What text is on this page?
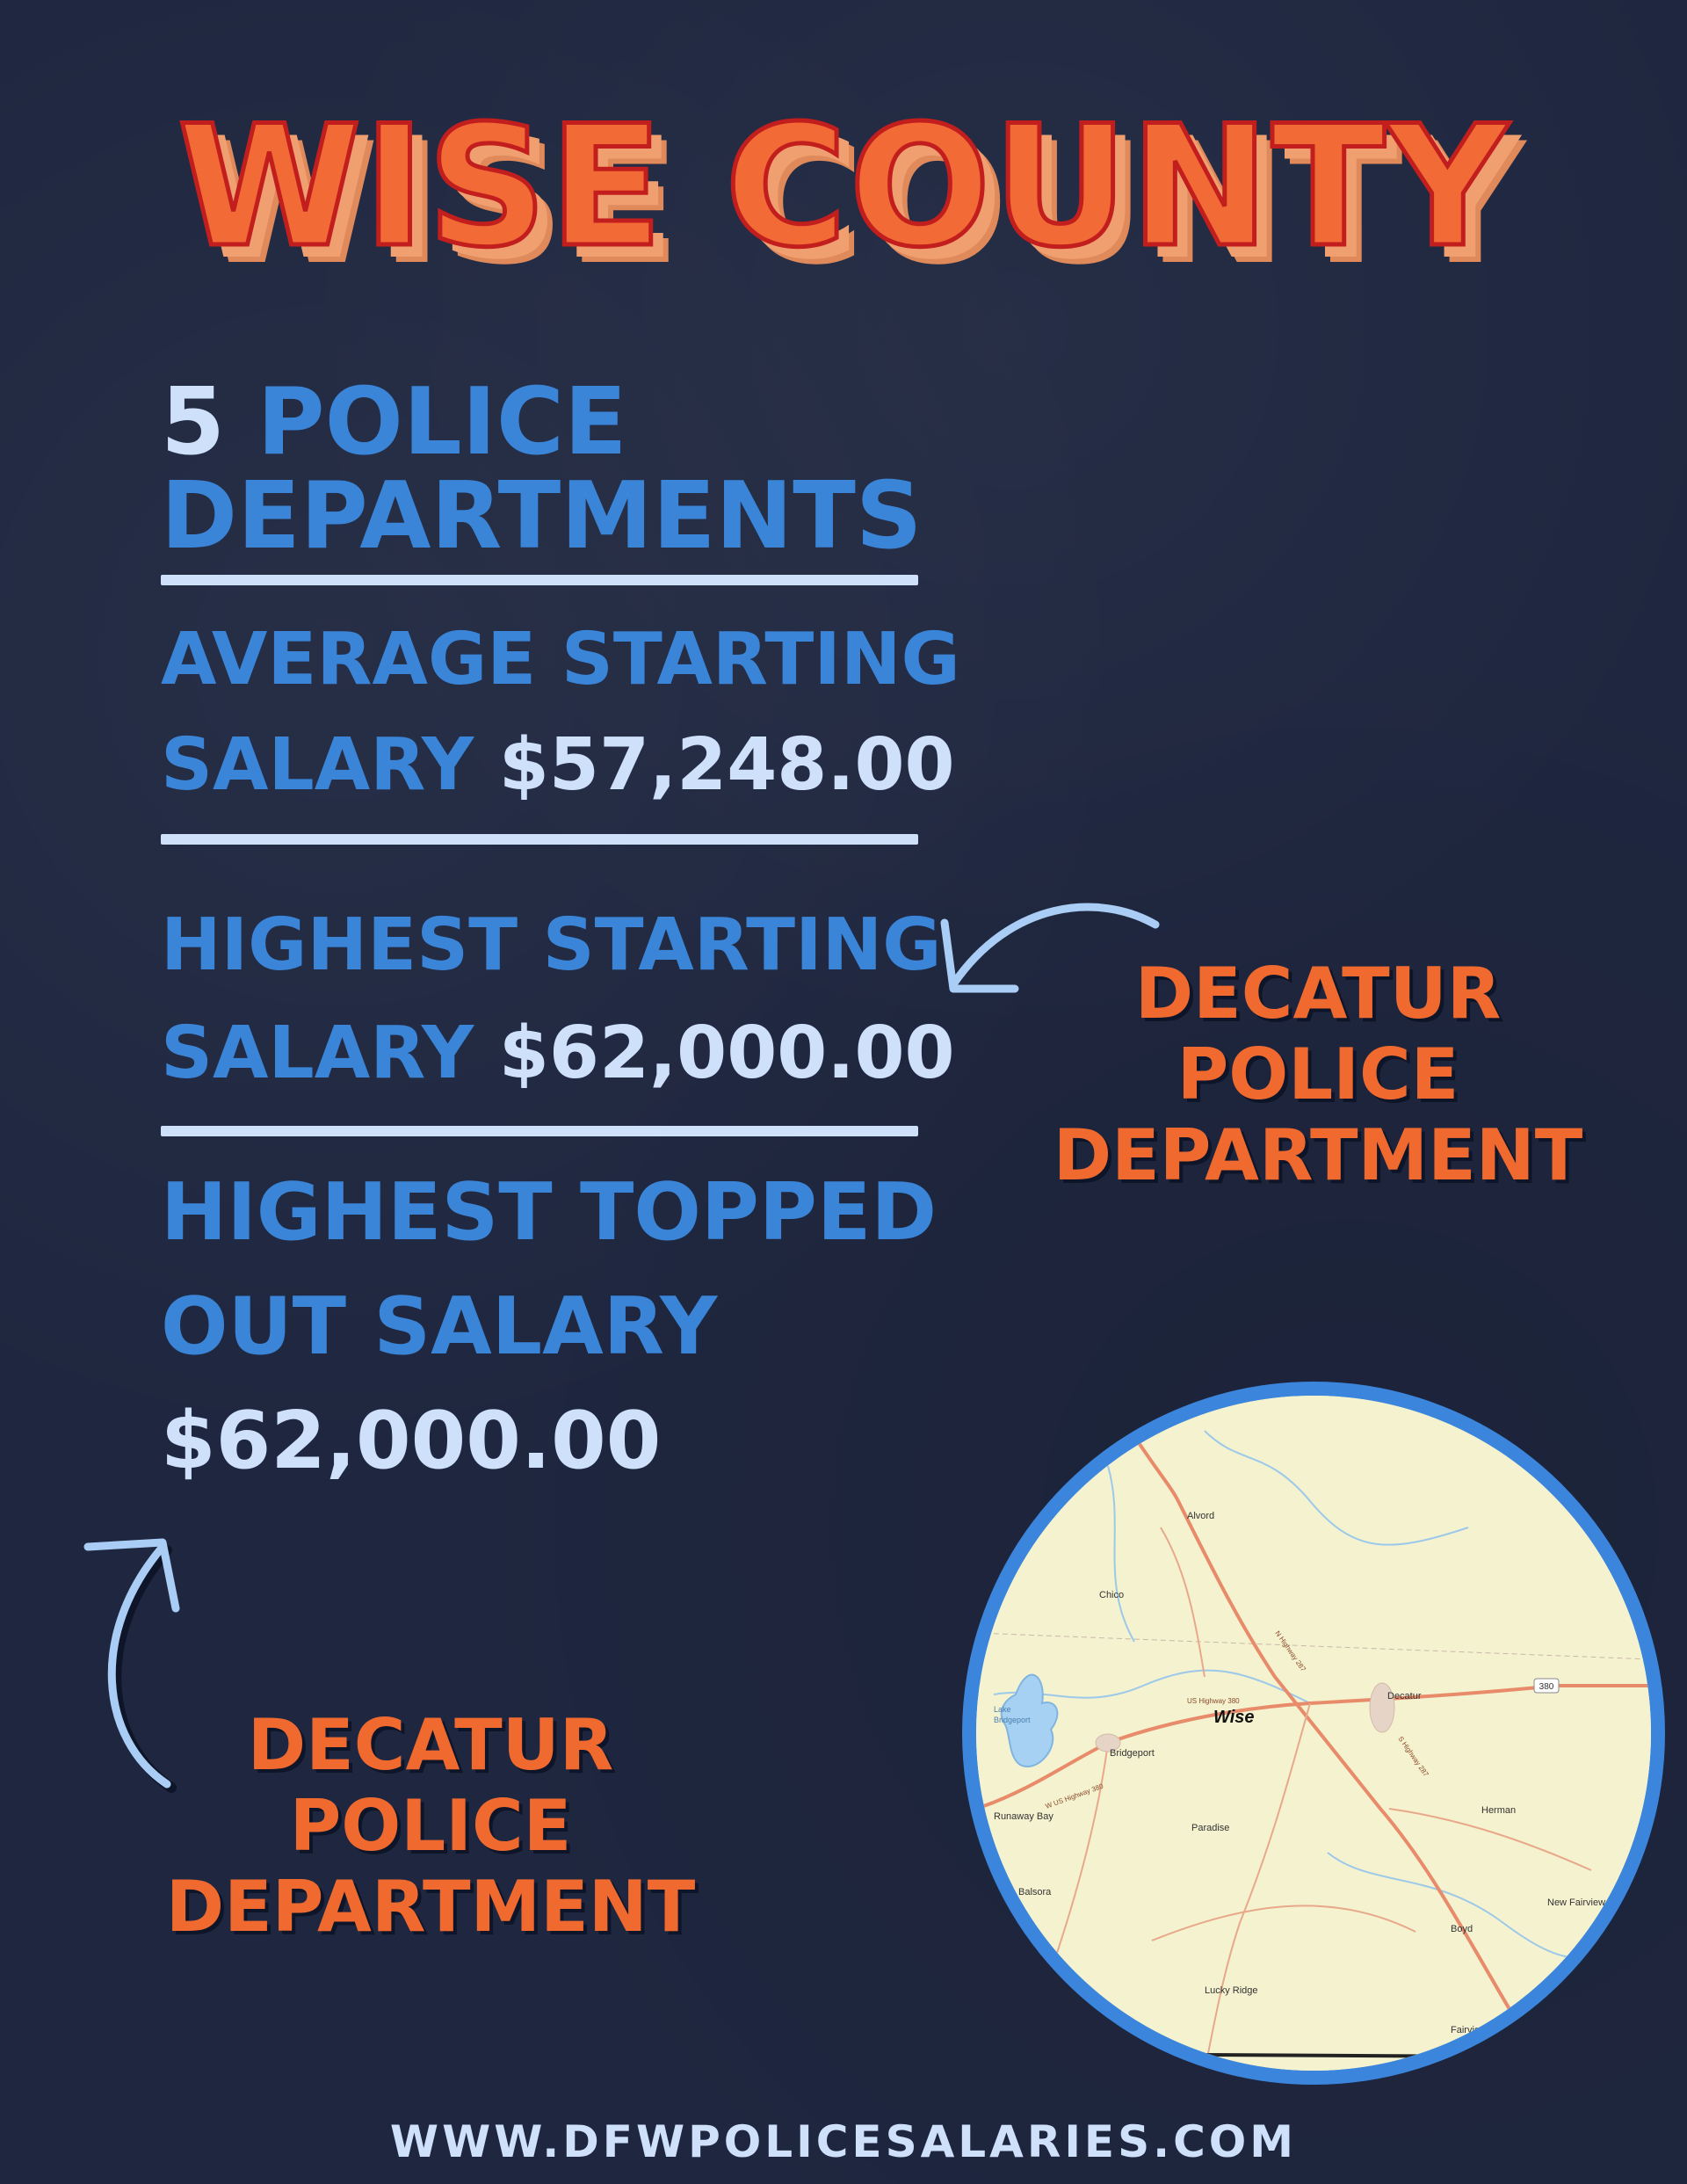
WISE COUNTY
5 POLICE
DEPARTMENTS
AVERAGE STARTING
SALARY $57,248.00
HIGHEST STARTING
SALARY $62,000.00
HIGHEST TOPPED
OUT SALARY
$62,000.00
DECATUR
POLICE
DEPARTMENT
DECATUR
POLICE
DEPARTMENT
81
380
Alvord
Chico
Decatur
Bridgeport
Runaway Bay
Paradise
Herman
Balsora
Boyd
New Fairview
Lucky Ridge
Fairview
Lake
Bridgeport	Wise
US Highway 380
W US Highway 380
S Highway 287
N Highway 287
WWW.DFWPOLICESALARIES.COM
